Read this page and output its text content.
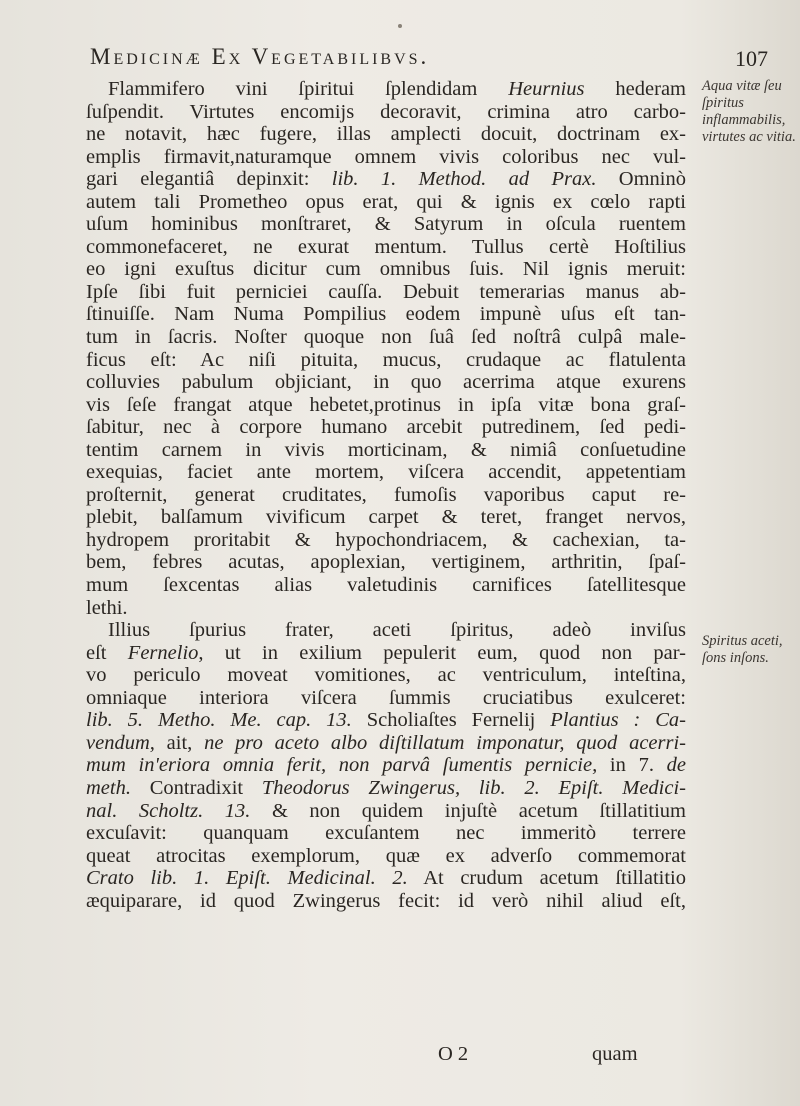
Medicinæ Ex Vegetabilibvs.	107
Flammifero vini ſpiritui ſplendidam Heurnius hederam
ſuſpendit. Virtutes encomijs decoravit, crimina atro carbo-
ne notavit, hæc fugere, illas amplecti docuit, doctrinam ex-
emplis firmavit,naturamque omnem vivis coloribus nec vul-
gari elegantiâ depinxit: lib. 1. Method. ad Prax. Omninò
autem tali Prometheo opus erat, qui & ignis ex cœlo rapti
uſum hominibus monſtraret, & Satyrum in oſcula ruentem
commonefaceret, ne exurat mentum. Tullus certè Hoſtilius
eo igni exuſtus dicitur cum omnibus ſuis. Nil ignis meruit:
Ipſe ſibi fuit perniciei cauſſa. Debuit temerarias manus ab-
ſtinuiſſe. Nam Numa Pompilius eodem impunè uſus eſt tan-
tum in ſacris. Noſter quoque non ſuâ ſed noſtrâ culpâ male-
ficus eſt: Ac niſi pituita, mucus, crudaque ac flatulenta
colluvies pabulum objiciant, in quo acerrima atque exurens
vis ſeſe frangat atque hebetet,protinus in ipſa vitæ bona graſ-
ſabitur, nec à corpore humano arcebit putredinem, ſed pedi-
tentim carnem in vivis morticinam, & nimiâ conſuetudine
exequias, faciet ante mortem, viſcera accendit, appetentiam
proſternit, generat cruditates, fumoſis vaporibus caput re-
plebit, balſamum vivificum carpet & teret, franget nervos,
hydropem proritabit & hypochondriacem, & cachexian, ta-
bem, febres acutas, apoplexian, vertiginem, arthritin, ſpaſ-
mum ſexcentas alias valetudinis carnifices ſatellitesque
lethi.
Illius ſpurius frater, aceti ſpiritus, adeò inviſus
eſt Fernelio, ut in exilium pepulerit eum, quod non par-
vo periculo moveat vomitiones, ac ventriculum, inteſtina,
omniaque interiora viſcera ſummis cruciatibus exulceret:
lib. 5. Metho. Me. cap. 13. Scholiaſtes Fernelij Plantius : Ca-
vendum, ait, ne pro aceto albo diſtillatum imponatur, quod acerri-
mum in'eriora omnia ferit, non parvâ ſumentis pernicie, in 7. de
meth. Contradixit Theodorus Zwingerus, lib. 2. Epiſt. Medici-
nal. Scholtz. 13. & non quidem injuſtè acetum ſtillatitium
excuſavit: quanquam excuſantem nec immeritò terrere
queat atrocitas exemplorum, quæ ex adverſo commemorat
Crato lib. 1. Epiſt. Medicinal. 2. At crudum acetum ſtillatitio
æquiparare, id quod Zwingerus fecit: id verò nihil aliud eſt,
Aqua vitæ ſeu ſpiritus inflammabilis, virtutes ac vitia.
Spiritus aceti, ſons inſons.
O 2	quam
